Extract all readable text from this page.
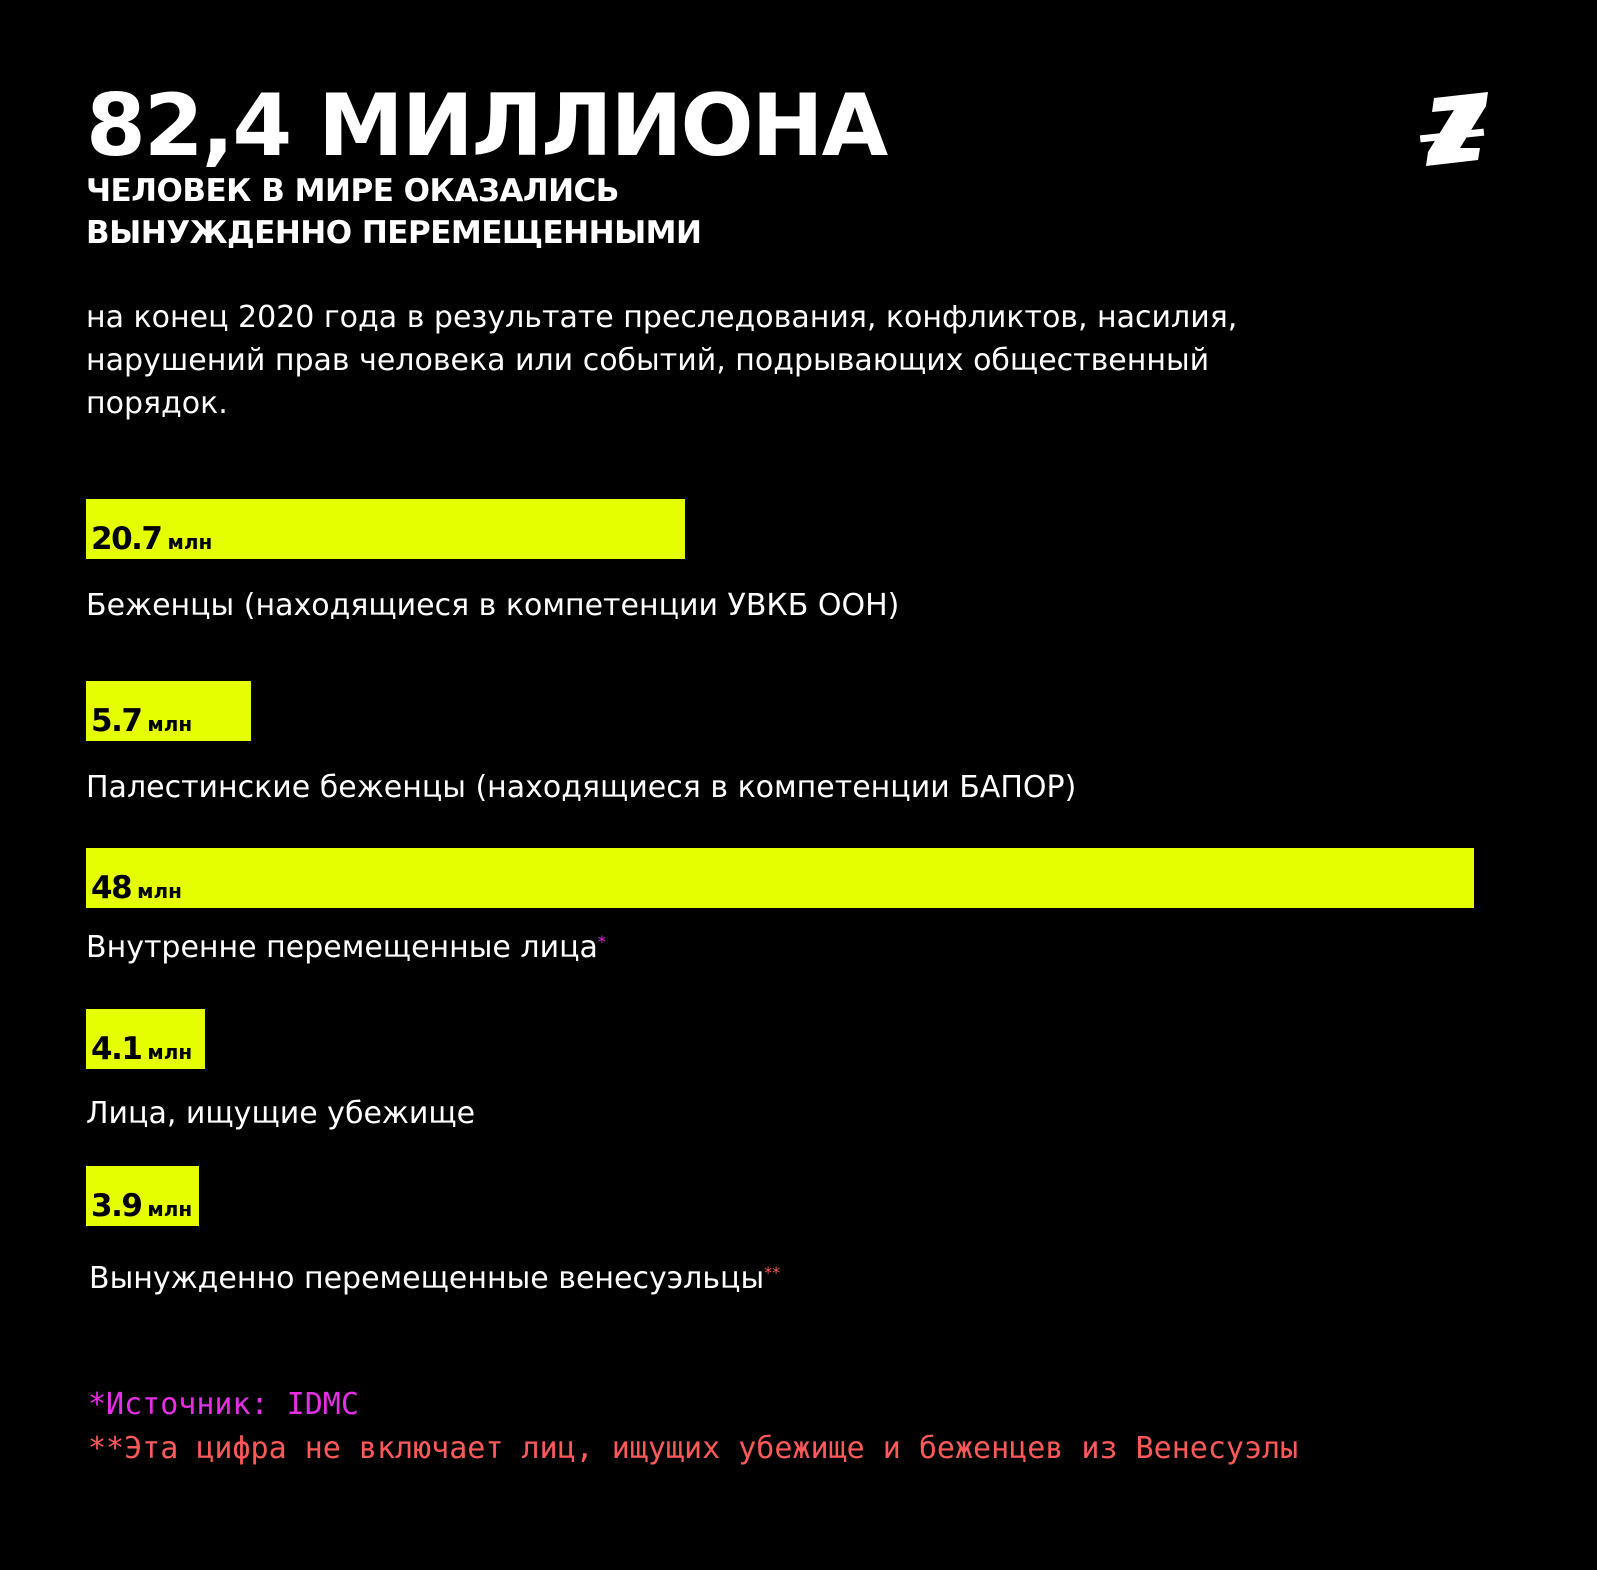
82,4 МИЛЛИОНА
ЧЕЛОВЕК В МИРЕ ОКАЗАЛИСЬ
ВЫНУЖДЕННО ПЕРЕМЕЩЕННЫМИ

на конец 2020 года в результате преследования, конфликтов, насилия, нарушений прав человека или событий, подрывающих общественный порядок.

20.7 млн
Беженцы (находящиеся в компетенции УВКБ ООН)
5.7 млн
Палестинские беженцы (находящиеся в компетенции БАПОР)
48 млн
Внутренне перемещенные лица*
4.1 млн
Лица, ищущие убежище
3.9 млн
Вынужденно перемещенные венесуэльцы**
*Источник: IDMC
**Эта цифра не включает лиц, ищущих убежище и беженцев из Венесуэлы
